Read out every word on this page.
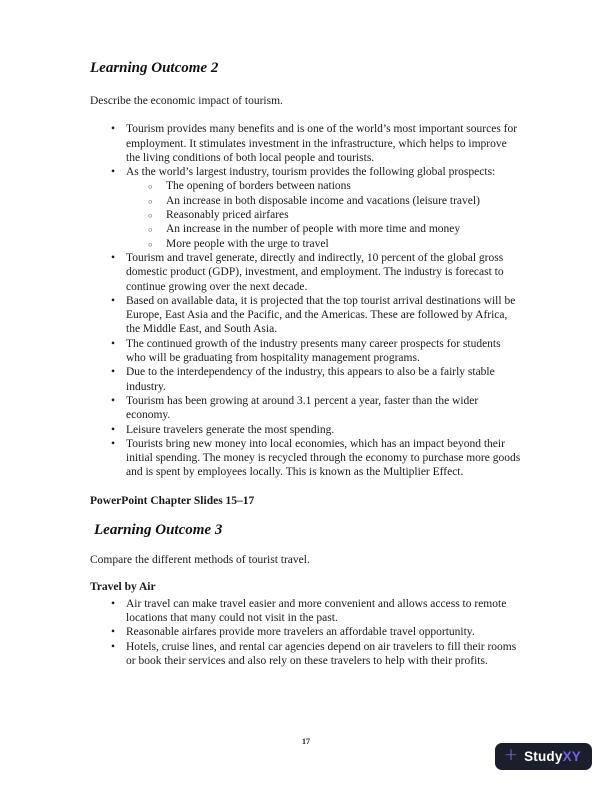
Learning Outcome 2

Describe the economic impact of tourism.

• Tourism provides many benefits and is one of the world’s most important sources for employment. It stimulates investment in the infrastructure, which helps to improve the living conditions of both local people and tourists.
• As the world’s largest industry, tourism provides the following global prospects:
○ The opening of borders between nations
○ An increase in both disposable income and vacations (leisure travel)
○ Reasonably priced airfares
○ An increase in the number of people with more time and money
○ More people with the urge to travel
• Tourism and travel generate, directly and indirectly, 10 percent of the global gross domestic product (GDP), investment, and employment. The industry is forecast to continue growing over the next decade.
• Based on available data, it is projected that the top tourist arrival destinations will be Europe, East Asia and the Pacific, and the Americas. These are followed by Africa, the Middle East, and South Asia.
• The continued growth of the industry presents many career prospects for students who will be graduating from hospitality management programs.
• Due to the interdependency of the industry, this appears to also be a fairly stable industry.
• Tourism has been growing at around 3.1 percent a year, faster than the wider economy.
• Leisure travelers generate the most spending.
• Tourists bring new money into local economies, which has an impact beyond their initial spending. The money is recycled through the economy to purchase more goods and is spent by employees locally. This is known as the Multiplier Effect.

PowerPoint Chapter Slides 15–17

Learning Outcome 3

Compare the different methods of tourist travel.

Travel by Air
• Air travel can make travel easier and more convenient and allows access to remote locations that many could not visit in the past.
• Reasonable airfares provide more travelers an affordable travel opportunity.
• Hotels, cruise lines, and rental car agencies depend on air travelers to fill their rooms or book their services and also rely on these travelers to help with their profits.
17
+ StudyXY
